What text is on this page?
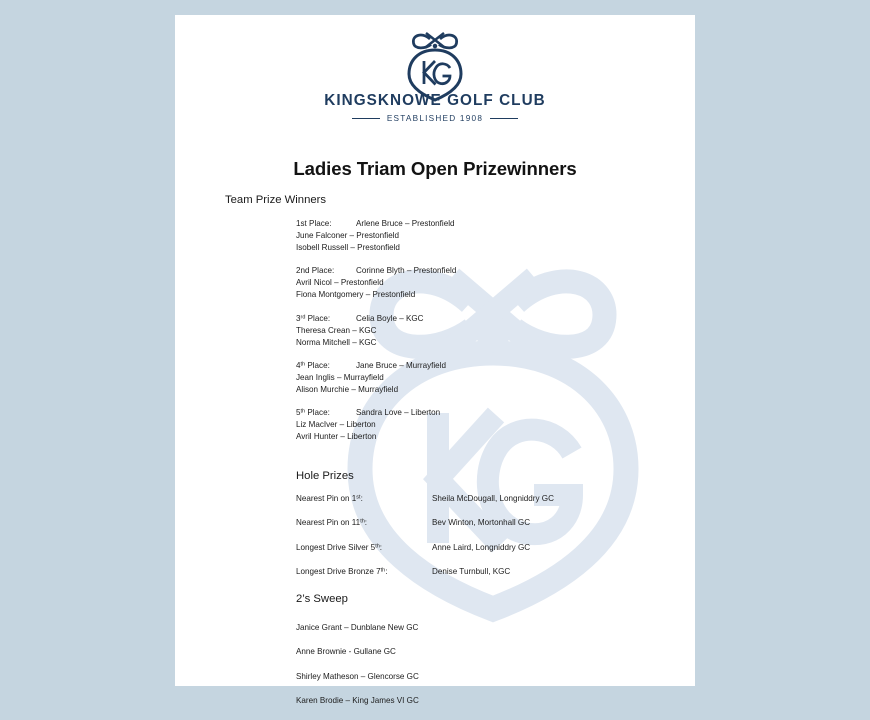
KINGSKNOWE GOLF CLUB
ESTABLISHED 1908
Ladies Triam Open Prizewinners
Team Prize Winners
1st Place:	Arlene Bruce – Prestonfield
June Falconer – Prestonfield
Isobell Russell – Prestonfield
2nd Place:	Corinne Blyth – Prestonfield
Avril Nicol – Prestonfield
Fiona Montgomery – Prestonfield
3rd Place:	Celia Boyle – KGC
Theresa Crean – KGC
Norma Mitchell – KGC
4th Place:	Jane Bruce – Murrayfield
Jean Inglis – Murrayfield
Alison Murchie – Murrayfield
5th Place:	Sandra Love – Liberton
Liz MacIver – Liberton
Avril Hunter – Liberton
Hole Prizes
Nearest Pin on 1st:	Sheila McDougall, Longniddry GC
Nearest Pin on 11th:	Bev Winton, Mortonhall GC
Longest Drive Silver 5th:	Anne Laird, Longniddry GC
Longest Drive Bronze 7th:	Denise Turnbull, KGC
2’s Sweep
Janice Grant – Dunblane New GC
Anne Brownie - Gullane GC
Shirley Matheson – Glencorse GC
Karen Brodie – King James VI GC
